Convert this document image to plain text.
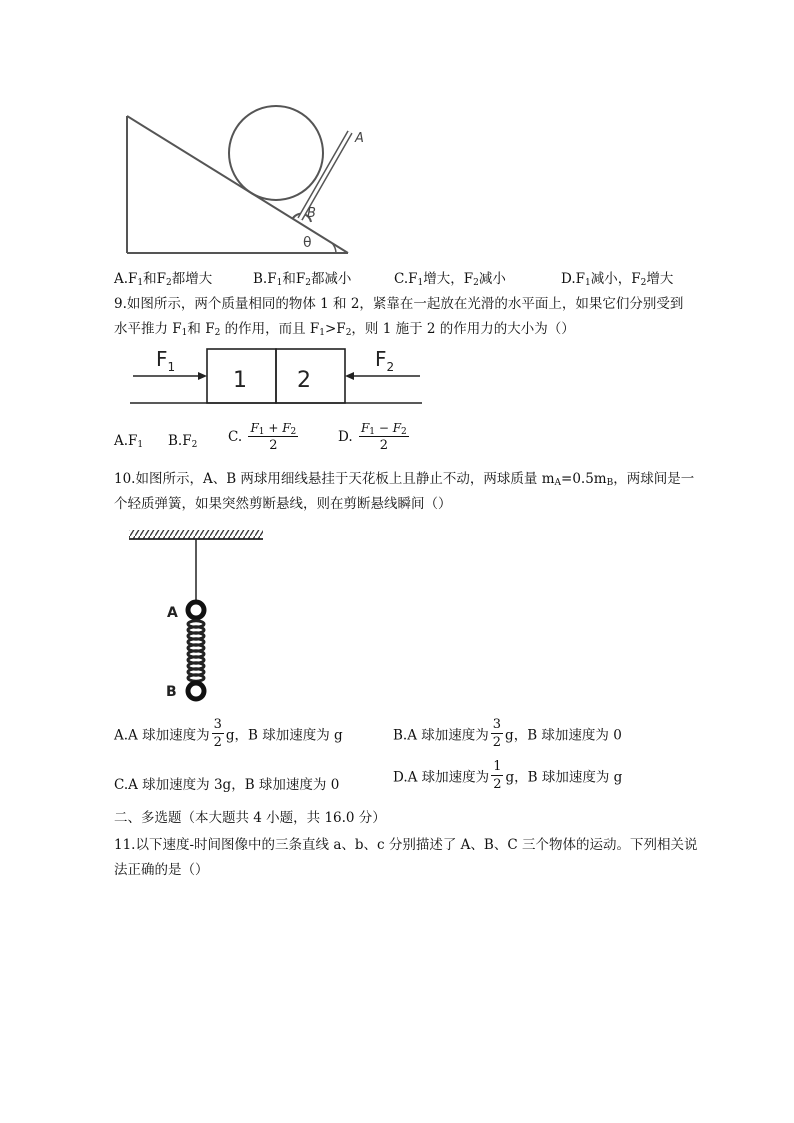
A
B
θ
$A.F_1$和$F_2$都增大	$B.F_1$和$F_2$都减小	$C.F_1$增大，$F_2$减小	$D.F_1$减小，$F_2$增大
9.如图所示，两个质量相同的物体 1 和 2，紧靠在一起放在光滑的水平面上，如果它们分别受到
水平推力 $F_1$和 $F_2$ 的作用，而且 $F_1>F_2$，则 1 施于 2 的作用力的大小为（）
$F_1$
1 2
$F_2$
$A.F_1$ $B.F_2$ C. $\frac{F_1 + F_2}{2}$	D. $\frac{F_1 - F_2}{2}$
10.如图所示，A、B 两球用细线悬挂于天花板上且静止不动，两球质量 $m_A=0.5m_B$，两球间是一
个轻质弹簧，如果突然剪断悬线，则在剪断悬线瞬间（）
A
B
A.A 球加速度为 $\frac{3}{2}$ g，B 球加速度为 g	B.A 球加速度为 $\frac{3}{2}$ g，B 球加速度为 0
C.A 球加速度为 3g，B 球加速度为 0	D.A 球加速度为 $\frac{1}{2}$ g，B 球加速度为 g
二、多选题（本大题共 4 小题，共 16.0 分）
11.以下速度-时间图像中的三条直线 a、b、c 分别描述了 A、B、C 三个物体的运动。下列相关说
法正确的是（）
